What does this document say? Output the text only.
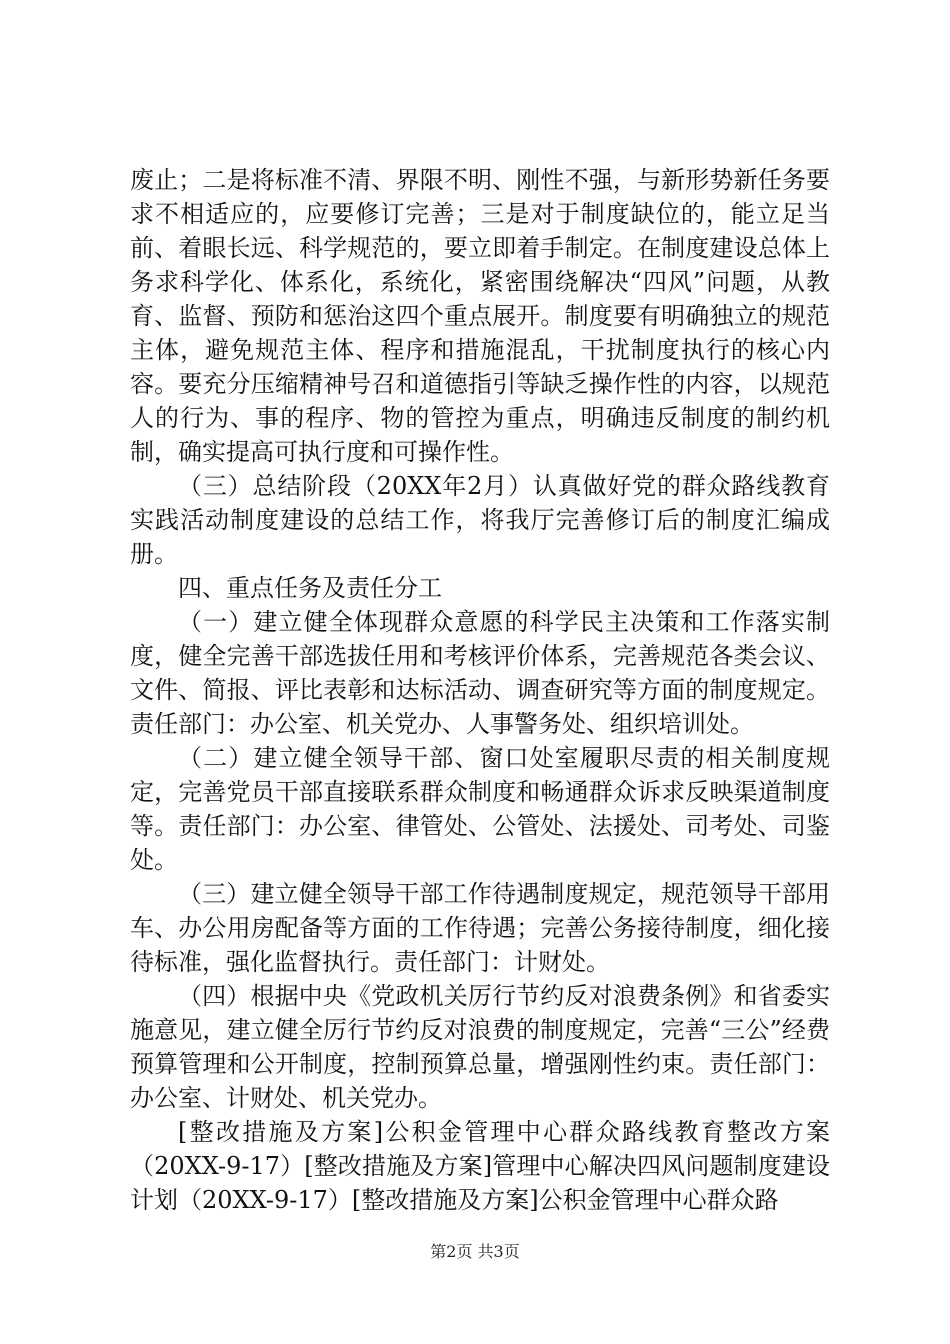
废止；二是将标准不清、界限不明、刚性不强，与新形势新任务要求不相适应的，应要修订完善；三是对于制度缺位的，能立足当前、着眼长远、科学规范的，要立即着手制定。在制度建设总体上务求科学化、体系化，系统化，紧密围绕解决“四风”问题，从教育、监督、预防和惩治这四个重点展开。制度要有明确独立的规范主体，避免规范主体、程序和措施混乱，干扰制度执行的核心内容。要充分压缩精神号召和道德指引等缺乏操作性的内容，以规范人的行为、事的程序、物的管控为重点，明确违反制度的制约机制，确实提高可执行度和可操作性。

（三）总结阶段（20XX年2月）认真做好党的群众路线教育实践活动制度建设的总结工作，将我厅完善修订后的制度汇编成册。

四、重点任务及责任分工

（一）建立健全体现群众意愿的科学民主决策和工作落实制度，健全完善干部选拔任用和考核评价体系，完善规范各类会议、文件、简报、评比表彰和达标活动、调查研究等方面的制度规定。责任部门：办公室、机关党办、人事警务处、组织培训处。

（二）建立健全领导干部、窗口处室履职尽责的相关制度规定，完善党员干部直接联系群众制度和畅通群众诉求反映渠道制度等。责任部门：办公室、律管处、公管处、法援处、司考处、司鉴处。

（三）建立健全领导干部工作待遇制度规定，规范领导干部用车、办公用房配备等方面的工作待遇；完善公务接待制度，细化接待标准，强化监督执行。责任部门：计财处。

（四）根据中央《党政机关厉行节约反对浪费条例》和省委实施意见，建立健全厉行节约反对浪费的制度规定，完善“三公”经费预算管理和公开制度，控制预算总量，增强刚性约束。责任部门：办公室、计财处、机关党办。

[整改措施及方案]公积金管理中心群众路线教育整改方案（20XX-9-17）[整改措施及方案]管理中心解决四风问题制度建设计划（20XX-9-17）[整改措施及方案]公积金管理中心群众路

第2页 共3页
